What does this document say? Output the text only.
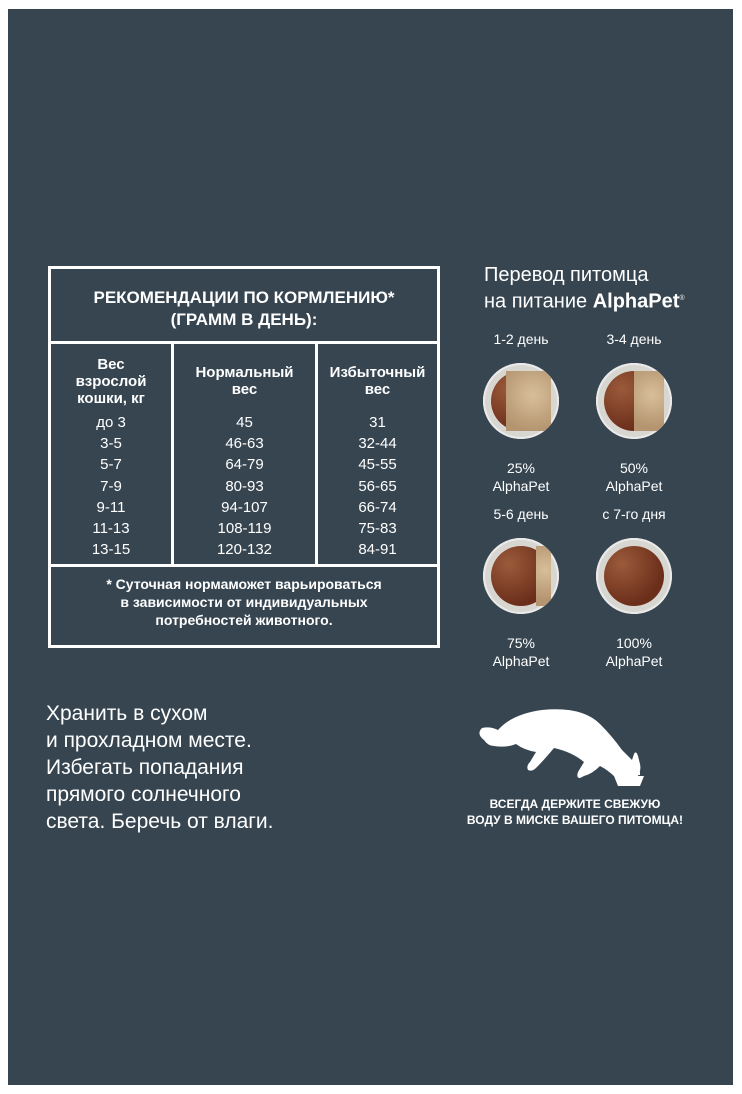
РЕКОМЕНДАЦИИ ПО КОРМЛЕНИЮ*
(ГРАММ В ДЕНЬ):
Вес
взрослой
кошки, кг
до 3
3-5
5-7
7-9
9-11
11-13
13-15
Нормальный
вес
45
46-63
64-79
80-93
94-107
108-119
120-132
Избыточный
вес
31
32-44
45-55
56-65
66-74
75-83
84-91
* Суточная нормаможет варьироваться
в зависимости от индивидуальных
потребностей животного.
Перевод питомца
на питание AlphaPet®
1-2 день
25%
AlphaPet
3-4 день
50%
AlphaPet
5-6 день
75%
AlphaPet
с 7-го дня
100%
AlphaPet
Хранить в сухом
и прохладном месте.
Избегать попадания
прямого солнечного
света. Беречь от влаги.
ВСЕГДА ДЕРЖИТЕ СВЕЖУЮ
ВОДУ В МИСКЕ ВАШЕГО ПИТОМЦА!
